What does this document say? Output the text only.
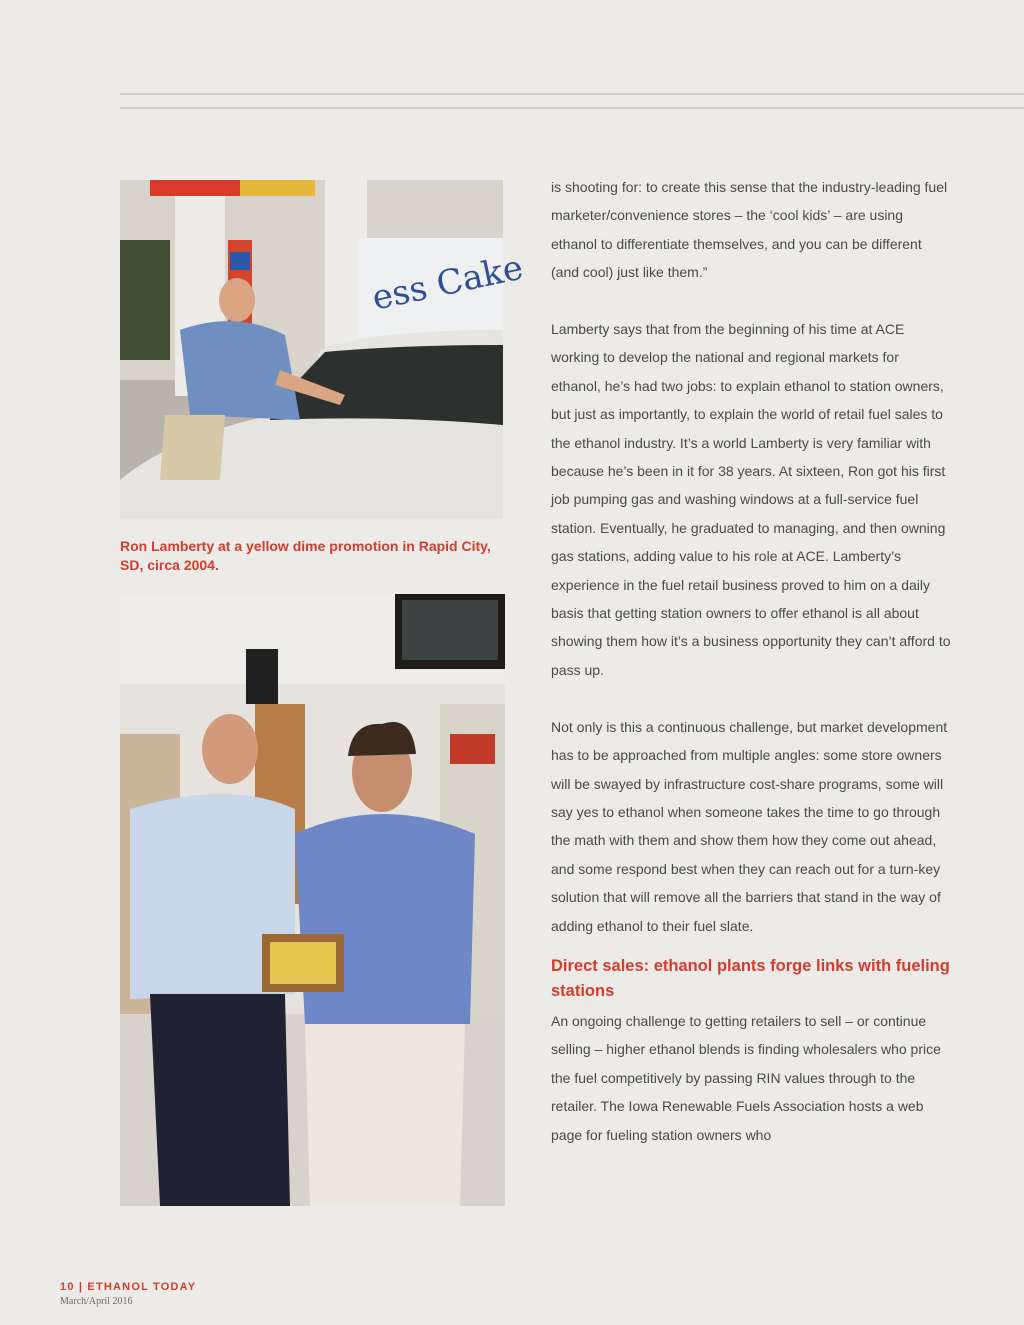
ess Cake

Ron Lamberty at a yellow dime promotion in Rapid City, SD, circa 2004.

is shooting for: to create this sense that the industry-leading fuel marketer/convenience stores – the ‘cool kids’ – are using ethanol to differentiate themselves, and you can be different (and cool) just like them.”

Lamberty says that from the beginning of his time at ACE working to develop the national and regional markets for ethanol, he’s had two jobs: to explain ethanol to station owners, but just as importantly, to explain the world of retail fuel sales to the ethanol industry. It’s a world Lamberty is very familiar with because he’s been in it for 38 years. At sixteen, Ron got his first job pumping gas and washing windows at a full-service fuel station. Eventually, he graduated to managing, and then owning gas stations, adding value to his role at ACE. Lamberty’s experience in the fuel retail business proved to him on a daily basis that getting station owners to offer ethanol is all about showing them how it’s a business opportunity they can’t afford to pass up.

Not only is this a continuous challenge, but market development has to be approached from multiple angles: some store owners will be swayed by infrastructure cost-share programs, some will say yes to ethanol when someone takes the time to go through the math with them and show them how they come out ahead, and some respond best when they can reach out for a turn-key solution that will remove all the barriers that stand in the way of adding ethanol to their fuel slate.

Direct sales: ethanol plants forge links with fueling stations

An ongoing challenge to getting retailers to sell – or continue selling – higher ethanol blends is finding wholesalers who price the fuel competitively by passing RIN values through to the retailer. The Iowa Renewable Fuels Association hosts a web page for fueling station owners who

10 | ETHANOL TODAY
March/April 2016
